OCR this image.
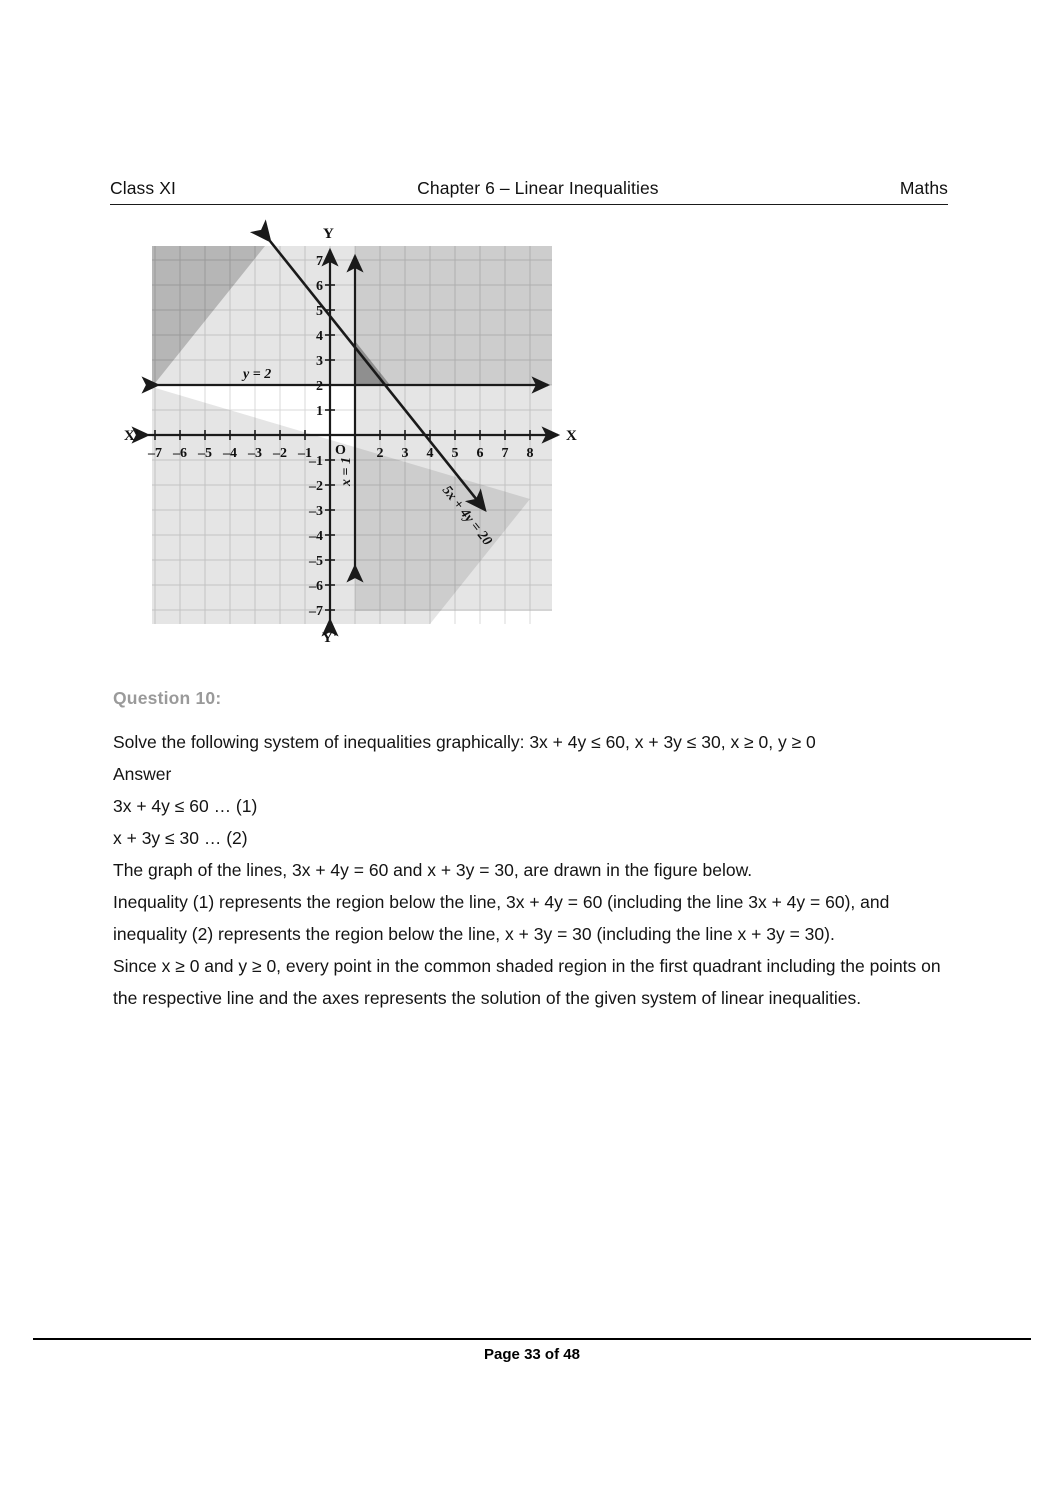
Class XI	Chapter 6 – Linear Inequalities	Maths
X'	X
Y
Y'
O
–7 –6 –5 –4 –3 –2 –1	2 3 4 5 6 7 8
7
6
5
4
3
2
1
–1
–2
–3
–4
–5
–6
–7
y = 2
x = 1
5x + 4y = 20
Question 10:

Solve the following system of inequalities graphically: 3x + 4y ≤ 60, x + 3y ≤ 30, x ≥ 0, y ≥ 0

Answer

3x + 4y ≤ 60 … (1)

x + 3y ≤ 30 … (2)

The graph of the lines, 3x + 4y = 60 and x + 3y = 30, are drawn in the figure below.

Inequality (1) represents the region below the line, 3x + 4y = 60 (including the line 3x + 4y = 60), and inequality (2) represents the region below the line, x + 3y = 30 (including the line x + 3y = 30).

Since x ≥ 0 and y ≥ 0, every point in the common shaded region in the first quadrant including the points on the respective line and the axes represents the solution of the given system of linear inequalities.

Page 33 of 48
